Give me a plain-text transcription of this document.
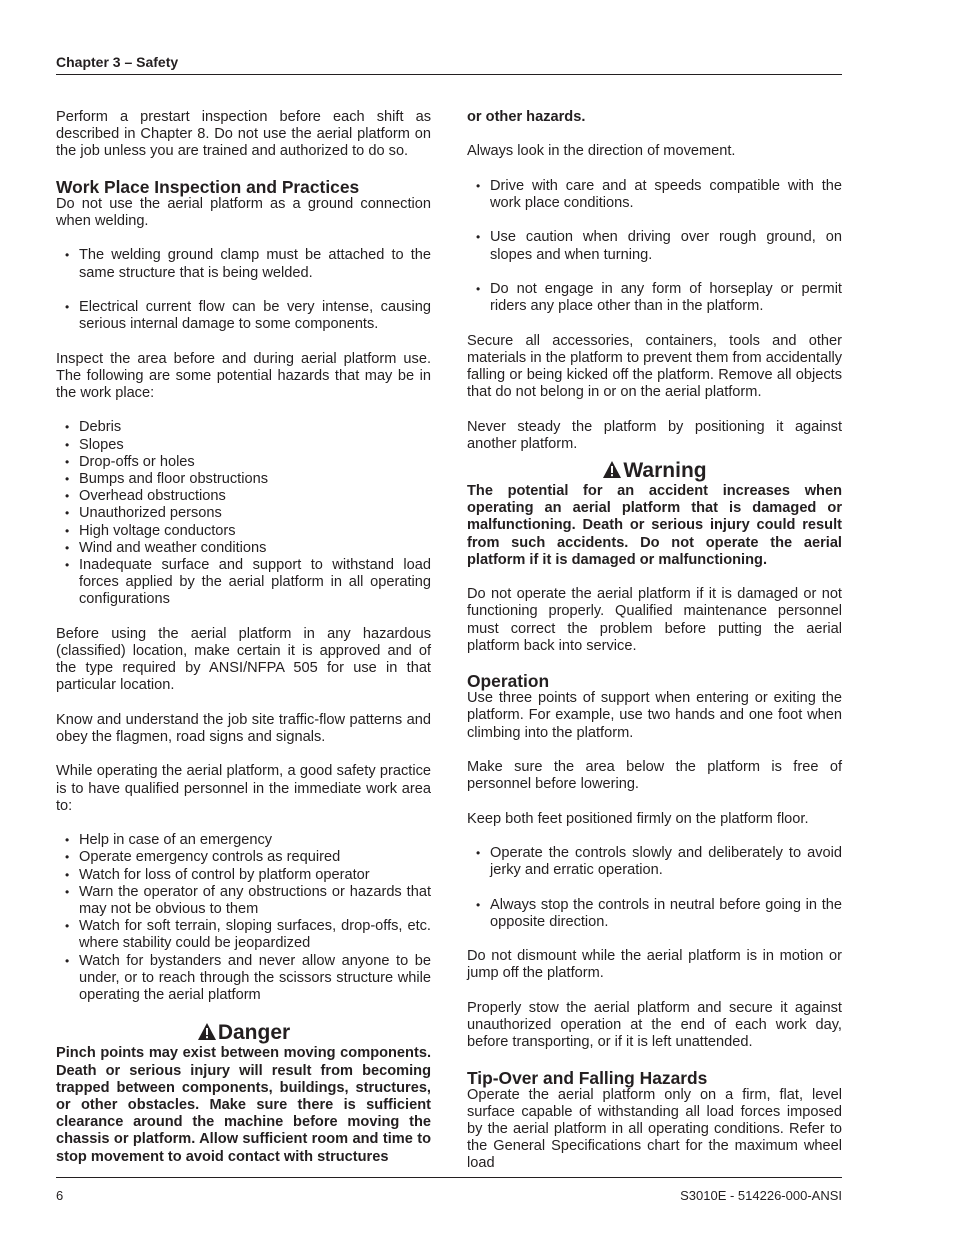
Chapter 3 – Safety

Perform a prestart inspection before each shift as described in Chapter 8. Do not use the aerial platform on the job unless you are trained and authorized to do so.

Work Place Inspection and Practices

Do not use the aerial platform as a ground connection when welding.

• The welding ground clamp must be attached to the same structure that is being welded.
• Electrical current flow can be very intense, causing serious internal damage to some components.

Inspect the area before and during aerial platform use. The following are some potential hazards that may be in the work place:

• Debris
• Slopes
• Drop-offs or holes
• Bumps and floor obstructions
• Overhead obstructions
• Unauthorized persons
• High voltage conductors
• Wind and weather conditions
• Inadequate surface and support to withstand load forces applied by the aerial platform in all operating configurations

Before using the aerial platform in any hazardous (classified) location, make certain it is approved and of the type required by ANSI/NFPA 505 for use in that particular location.

Know and understand the job site traffic-flow patterns and obey the flagmen, road signs and signals.

While operating the aerial platform, a good safety practice is to have qualified personnel in the immediate work area to:

• Help in case of an emergency
• Operate emergency controls as required
• Watch for loss of control by platform operator
• Warn the operator of any obstructions or hazards that may not be obvious to them
• Watch for soft terrain, sloping surfaces, drop-offs, etc. where stability could be jeopardized
• Watch for bystanders and never allow anyone to be under, or to reach through the scissors structure while operating the aerial platform
Danger
Pinch points may exist between moving components. Death or serious injury will result from becoming trapped between components, buildings, structures, or other obstacles. Make sure there is sufficient clearance around the machine before moving the chassis or platform. Allow sufficient room and time to stop movement to avoid contact with structures

or other hazards.

Always look in the direction of movement.

• Drive with care and at speeds compatible with the work place conditions.
• Use caution when driving over rough ground, on slopes and when turning.
• Do not engage in any form of horseplay or permit riders any place other than in the platform.

Secure all accessories, containers, tools and other materials in the platform to prevent them from accidentally falling or being kicked off the platform. Remove all objects that do not belong in or on the aerial platform.

Never steady the platform by positioning it against another platform.

Warning

The potential for an accident increases when operating an aerial platform that is damaged or malfunctioning. Death or serious injury could result from such accidents. Do not operate the aerial platform if it is damaged or malfunctioning.

Do not operate the aerial platform if it is damaged or not functioning properly. Qualified maintenance personnel must correct the problem before putting the aerial platform back into service.

Operation

Use three points of support when entering or exiting the platform. For example, use two hands and one foot when climbing into the platform.

Make sure the area below the platform is free of personnel before lowering.

Keep both feet positioned firmly on the platform floor.

• Operate the controls slowly and deliberately to avoid jerky and erratic operation.
• Always stop the controls in neutral before going in the opposite direction.

Do not dismount while the aerial platform is in motion or jump off the platform.

Properly stow the aerial platform and secure it against unauthorized operation at the end of each work day, before transporting, or if it is left unattended.

Tip-Over and Falling Hazards

Operate the aerial platform only on a firm, flat, level surface capable of withstanding all load forces imposed by the aerial platform in all operating conditions. Refer to the General Specifications chart for the maximum wheel load

6	S3010E - 514226-000-ANSI
